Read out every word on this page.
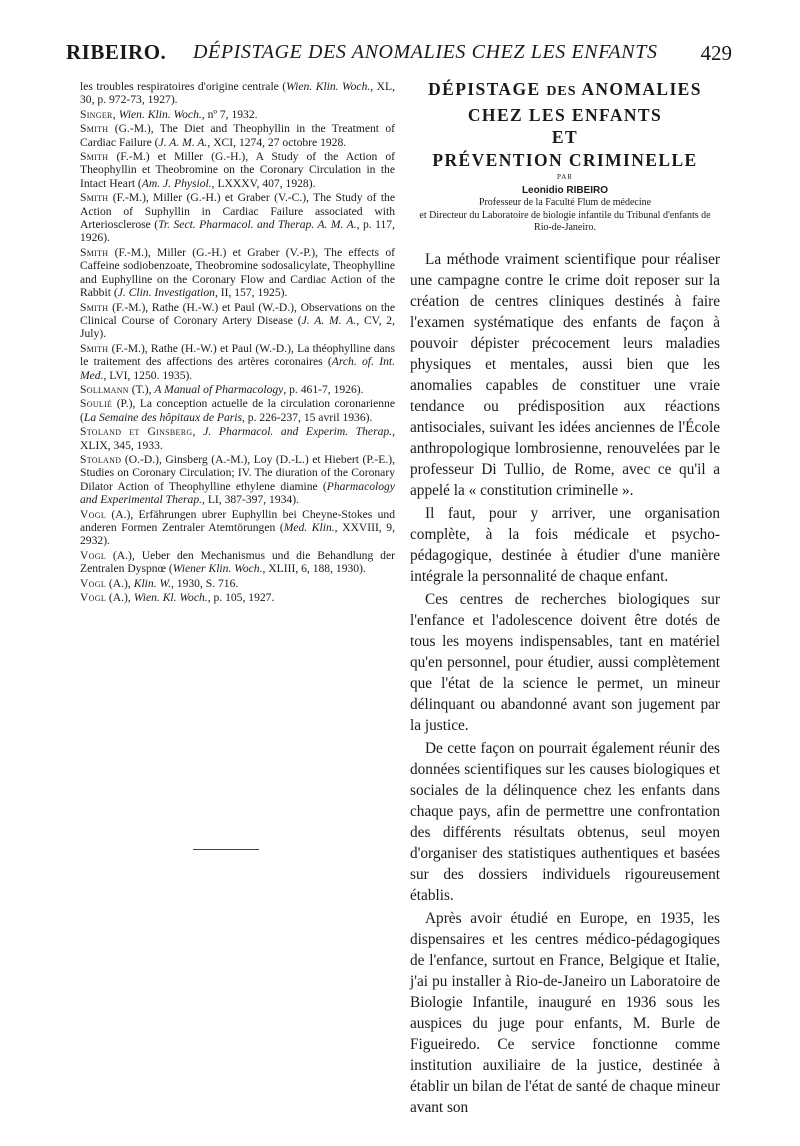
RIBEIRO. DÉPISTAGE DES ANOMALIES CHEZ LES ENFANTS 429

les troubles respiratoires d'origine centrale (Wien. Klin. Woch., XL, 30, p. 972-73, 1927).

Singer, Wien. Klin. Woch., nº 7, 1932.

Smith (G.-M.), The Diet and Theophyllin in the Treatment of Cardiac Failure (J. A. M. A., XCI, 1274, 27 octobre 1928.

Smith (F.-M.) et Miller (G.-H.), A Study of the Action of Theophyllin et Theobromine on the Coronary Circulation in the Intact Heart (Am. J. Physiol., LXXXV, 407, 1928).

Smith (F.-M.), Miller (G.-H.) et Graber (V.-C.), The Study of the Action of Suphyllin in Cardiac Failure associated with Arteriosclerose (Tr. Sect. Pharmacol. and Therap. A. M. A., p. 117, 1926).

Smith (F.-M.), Miller (G.-H.) et Graber (V.-P.), The effects of Caffeine sodiobenzoate, Theobromine sodosalicylate, Theophylline and Euphylline on the Coronary Flow and Cardiac Action of the Rabbit (J. Clin. Investigation, II, 157, 1925).

Smith (F.-M.), Rathe (H.-W.) et Paul (W.-D.), Observations on the Clinical Course of Coronary Artery Disease (J. A. M. A., CV, 2, July).

Smith (F.-M.), Rathe (H.-W.) et Paul (W.-D.), La théophylline dans le traitement des affections des artères coronaires (Arch. of. Int. Med., LVI, 1250. 1935).

Sollmann (T.), A Manual of Pharmacology, p. 461-7, 1926).

Soulié (P.), La conception actuelle de la circulation coronarienne (La Semaine des hôpitaux de Paris, p. 226-237, 15 avril 1936).

Stoland et Ginsberg, J. Pharmacol. and Experim. Therap., XLIX, 345, 1933.

Stoland (O.-D.), Ginsberg (A.-M.), Loy (D.-L.) et Hiebert (P.-E.), Studies on Coronary Circulation; IV. The diuration of the Coronary Dilator Action of Theophylline ethylene diamine (Pharmacology and Experimental Therap., LI, 387-397, 1934).

Vogl (A.), Erfährungen ubrer Euphyllin bei Cheyne-Stokes und anderen Formen Zentraler Atemtörungen (Med. Klin., XXVIII, 9, 2932).

Vogl (A.), Ueber den Mechanismus und die Behandlung der Zentralen Dyspnœ (Wiener Klin. Woch., XLIII, 6, 188, 1930).

Vogl (A.), Klin. W., 1930, S. 716.

Vogl (A.), Wien. Kl. Woch., p. 105, 1927.

DÉPISTAGE DES ANOMALIES

CHEZ LES ENFANTS

ET

PRÉVENTION CRIMINELLE

PAR

Leonidio RIBEIRO

Professeur de la Faculté Flum de médecine

et Directeur du Laboratoire de biologie infantile du Tribunal d'enfants de Rio-de-Janeiro.

La méthode vraiment scientifique pour réaliser une campagne contre le crime doit reposer sur la création de centres cliniques destinés à faire l'examen systématique des enfants de façon à pouvoir dépister précocement leurs maladies physiques et mentales, aussi bien que les anomalies capables de constituer une vraie tendance ou prédisposition aux réactions antisociales, suivant les idées anciennes de l'École anthropologique lombrosienne, renouvelées par le professeur Di Tullio, de Rome, avec ce qu'il a appelé la « constitution criminelle ».

Il faut, pour y arriver, une organisation complète, à la fois médicale et psycho-pédagogique, destinée à étudier d'une manière intégrale la personnalité de chaque enfant.

Ces centres de recherches biologiques sur l'enfance et l'adolescence doivent être dotés de tous les moyens indispensables, tant en matériel qu'en personnel, pour étudier, aussi complètement que l'état de la science le permet, un mineur délinquant ou abandonné avant son jugement par la justice.

De cette façon on pourrait également réunir des données scientifiques sur les causes biologiques et sociales de la délinquence chez les enfants dans chaque pays, afin de permettre une confrontation des différents résultats obtenus, seul moyen d'organiser des statistiques authentiques et basées sur des dossiers individuels rigoureusement établis.

Après avoir étudié en Europe, en 1935, les dispensaires et les centres médico-pédagogiques de l'enfance, surtout en France, Belgique et Italie, j'ai pu installer à Rio-de-Janeiro un Laboratoire de Biologie Infantile, inauguré en 1936 sous les auspices du juge pour enfants, M. Burle de Figueiredo. Ce service fonctionne comme institution auxiliaire de la justice, destinée à établir un bilan de l'état de santé de chaque mineur avant son
